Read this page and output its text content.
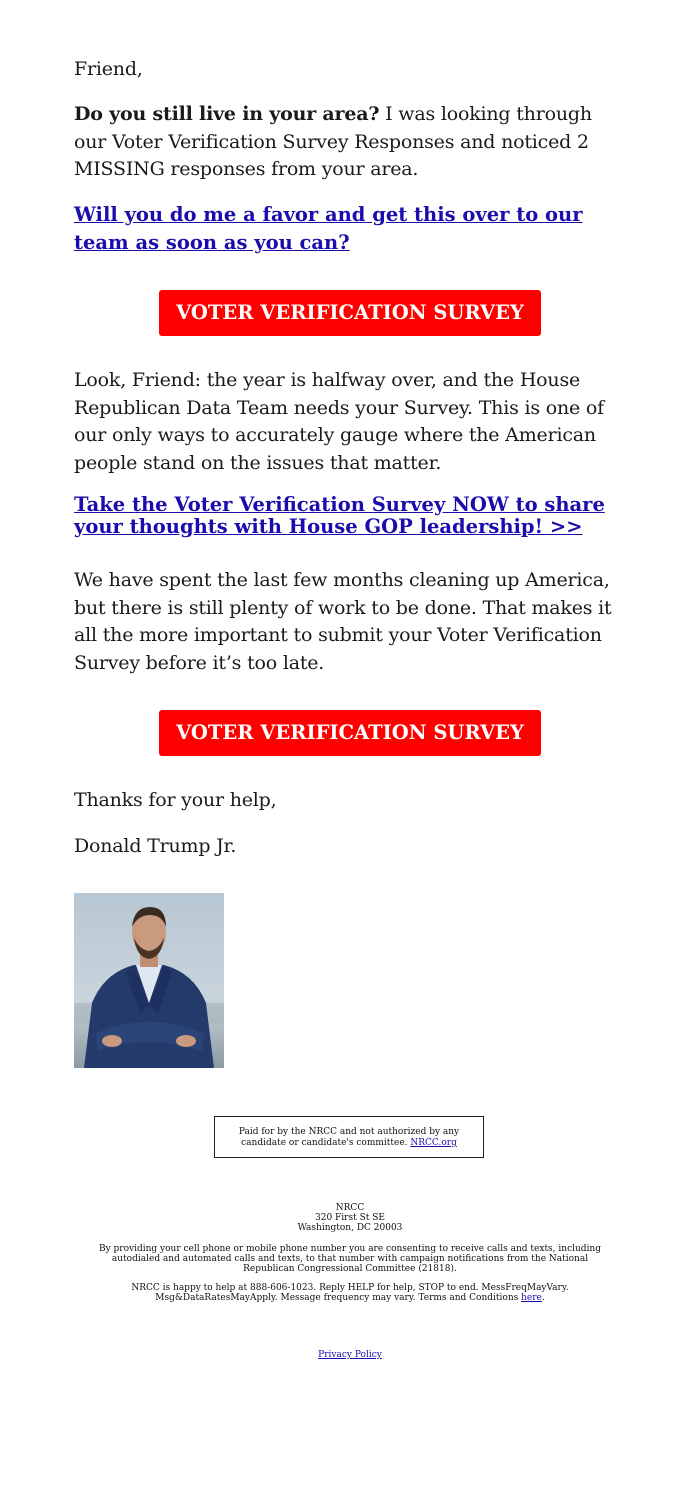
Friend,

Do you still live in your area? I was looking through our Voter Verification Survey Responses and noticed 2 MISSING responses from your area.

Will you do me a favor and get this over to our team as soon as you can?

Look, Friend: the year is halfway over, and the House Republican Data Team needs your Survey. This is one of our only ways to accurately gauge where the American people stand on the issues that matter.

Take the Voter Verification Survey NOW to share your thoughts with House GOP leadership! >>

We have spent the last few months cleaning up America, but there is still plenty of work to be done. That makes it all the more important to submit your Voter Verification Survey before it’s too late.

Thanks for your help,

Donald Trump Jr.

VOTER VERIFICATION SURVEY
VOTER VERIFICATION SURVEY
Paid for by the NRCC and not authorized by any candidate or candidate's committee. NRCC.org
NRCC
320 First St SE
Washington, DC 20003
By providing your cell phone or mobile phone number you are consenting to receive calls and texts, including autodialed and automated calls and texts, to that number with campaign notifications from the National Republican Congressional Committee (21818).
NRCC is happy to help at 888-606-1023. Reply HELP for help, STOP to end. MessFreqMayVary. Msg&DataRatesMayApply. Message frequency may vary. Terms and Conditions here.
Privacy Policy
